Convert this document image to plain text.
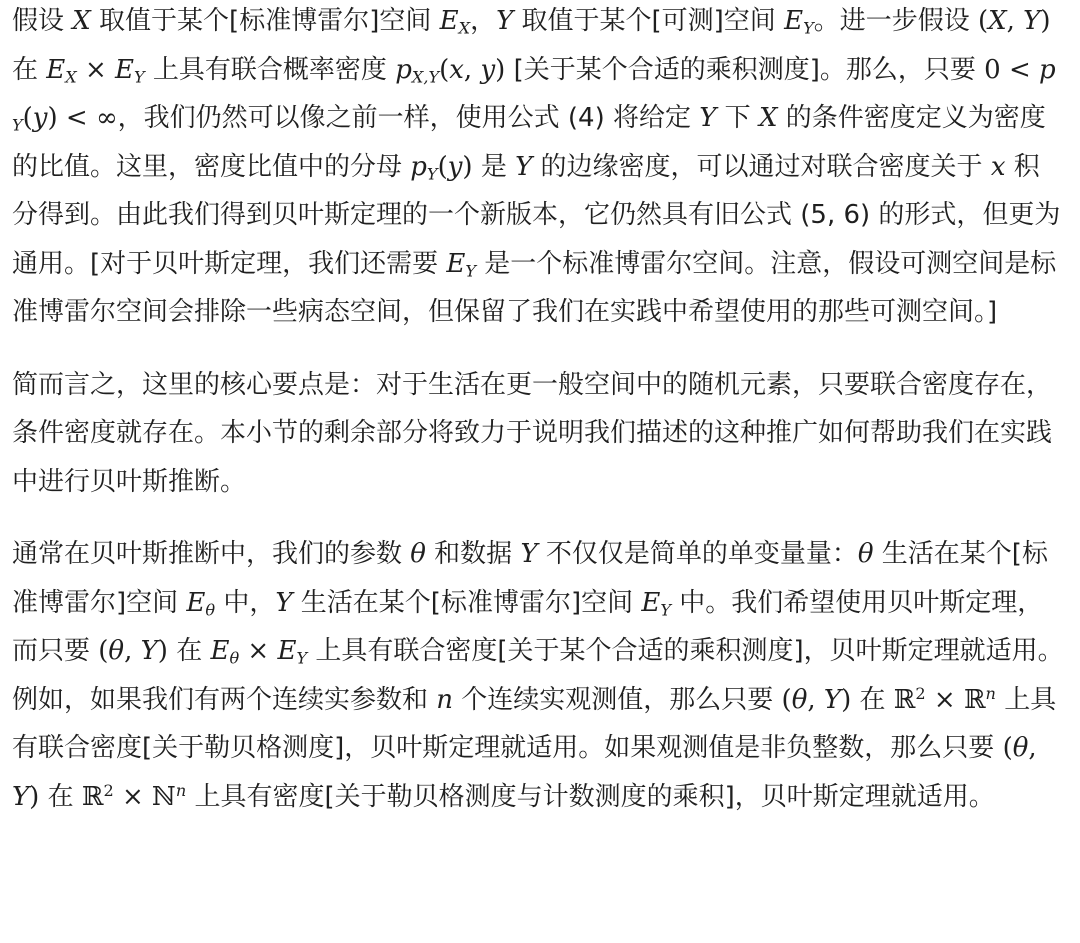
假设 X 取值于某个[标准博雷尔]空间 $E_X$，Y 取值于某个[可测]空间 $E_Y$。进一步假设 (X, Y) 在 $E_X \times E_Y$ 上具有联合概率密度 $p_{X,Y}(x$, y) [关于某个合适的乘积测度]。那么，只要 $0 < p_Y(y)$ < ∞，我们仍然可以像之前一样，使用公式 (4) 将给定 Y 下 X 的条件密度定义为密度的比值。这里，密度比值中的分母 $p_Y(y)$ 是 Y 的边缘密度，可以通过对联合密度关于 x 积分得到。由此我们得到贝叶斯定理的一个新版本，它仍然具有旧公式 (5, 6) 的形式，但更为通用。[对于贝叶斯定理，我们还需要 $E_Y$ 是一个标准博雷尔空间。注意，假设可测空间是标准博雷尔空间会排除一些病态空间，但保留了我们在实践中希望使用的那些可测空间。]

简而言之，这里的核心要点是：对于生活在更一般空间中的随机元素，只要联合密度存在，条件密度就存在。本小节的剩余部分将致力于说明我们描述的这种推广如何帮助我们在实践中进行贝叶斯推断。

通常在贝叶斯推断中，我们的参数 θ 和数据 Y 不仅仅是简单的单变量量：θ 生活在某个[标准博雷尔]空间 $E_\theta$ 中，Y 生活在某个[标准博雷尔]空间 $E_Y$ 中。我们希望使用贝叶斯定理，而只要 (θ, Y) 在 $E_\theta \times E_Y$ 上具有联合密度[关于某个合适的乘积测度]，贝叶斯定理就适用。例如，如果我们有两个连续实参数和 n 个连续实观测值，那么只要 (θ, Y) 在 ℝ$^2$ × ℝ$^n$ 上具有联合密度[关于勒贝格测度]，贝叶斯定理就适用。如果观测值是非负整数，那么只要 (θ, Y) 在 ℝ$^2$ × ℕ$^n$ 上具有密度[关于勒贝格测度与计数测度的乘积]，贝叶斯定理就适用。
